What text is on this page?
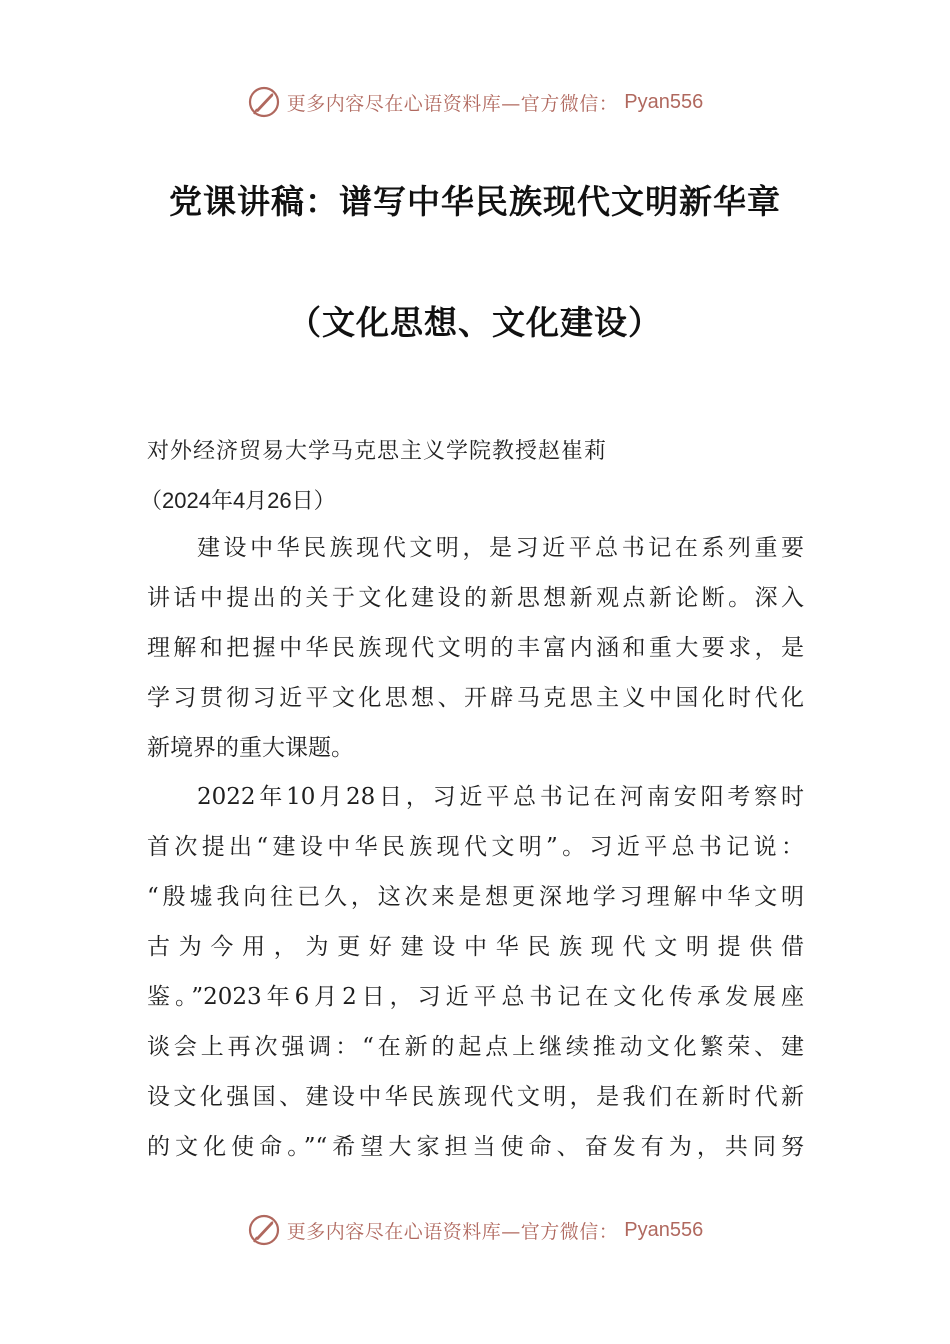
更多内容尽在心语资料库—官方微信： Pyan556
党课讲稿：谱写中华民族现代文明新华章
（文化思想、文化建设）
对外经济贸易大学马克思主义学院教授赵崔莉
（2024年4月26日）
建设中华民族现代文明，是习近平总书记在系列重要
讲话中提出的关于文化建设的新思想新观点新论断。深入
理解和把握中华民族现代文明的丰富内涵和重大要求，是
学习贯彻习近平文化思想、开辟马克思主义中国化时代化
新境界的重大课题。
2022年10月28日，习近平总书记在河南安阳考察时
首次提出“建设中华民族现代文明”。习近平总书记说：
“殷墟我向往已久，这次来是想更深地学习理解中华文明
古为今用，为更好建设中华民族现代文明提供借
鉴。”2023年6月2日，习近平总书记在文化传承发展座
谈会上再次强调：“在新的起点上继续推动文化繁荣、建
设文化强国、建设中华民族现代文明，是我们在新时代新
的文化使命。”“希望大家担当使命、奋发有为，共同努
更多内容尽在心语资料库—官方微信： Pyan556
